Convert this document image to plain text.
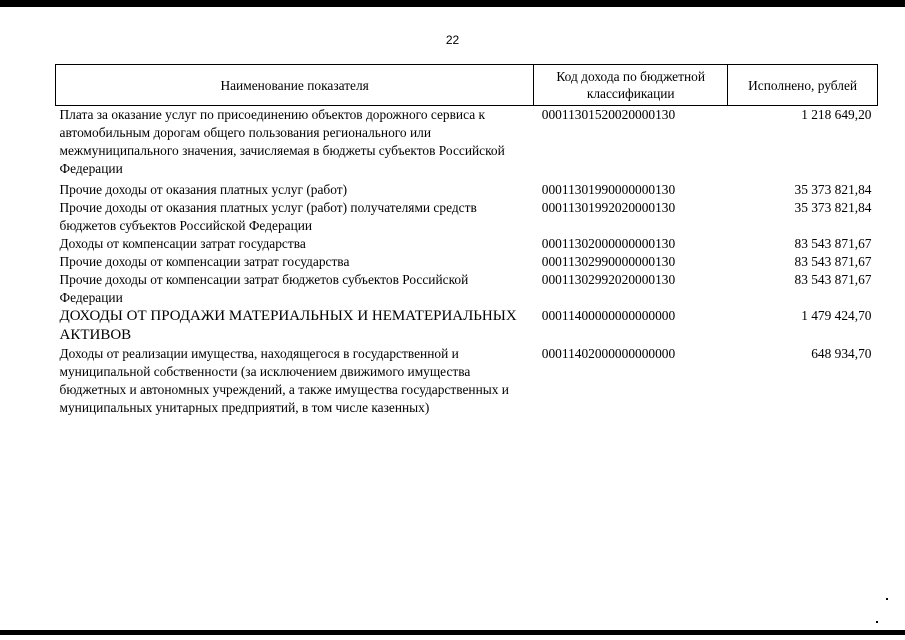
22
Наименование показателя	Код дохода по бюджетной классификации	Исполнено, рублей
Плата за оказание услуг по присоединению объектов дорожного сервиса к автомобильным дорогам общего пользования регионального или межмуниципального значения, зачисляемая в бюджеты субъектов Российской Федерации	00011301520020000130	1 218 649,20
Прочие доходы от оказания платных услуг (работ)	00011301990000000130	35 373 821,84
Прочие доходы от оказания платных услуг (работ) получателями средств бюджетов субъектов Российской Федерации	00011301992020000130	35 373 821,84
Доходы от компенсации затрат государства	00011302000000000130	83 543 871,67
Прочие доходы от компенсации затрат государства	00011302990000000130	83 543 871,67
Прочие доходы от компенсации затрат бюджетов субъектов Российской Федерации	00011302992020000130	83 543 871,67
ДОХОДЫ ОТ ПРОДАЖИ МАТЕРИАЛЬНЫХ И НЕМАТЕРИАЛЬНЫХ АКТИВОВ	00011400000000000000	1 479 424,70
Доходы от реализации имущества, находящегося в государственной и муниципальной собственности (за исключением движимого имущества бюджетных и автономных учреждений, а также имущества государственных и муниципальных унитарных предприятий, в том числе казенных)	00011402000000000000	648 934,70
